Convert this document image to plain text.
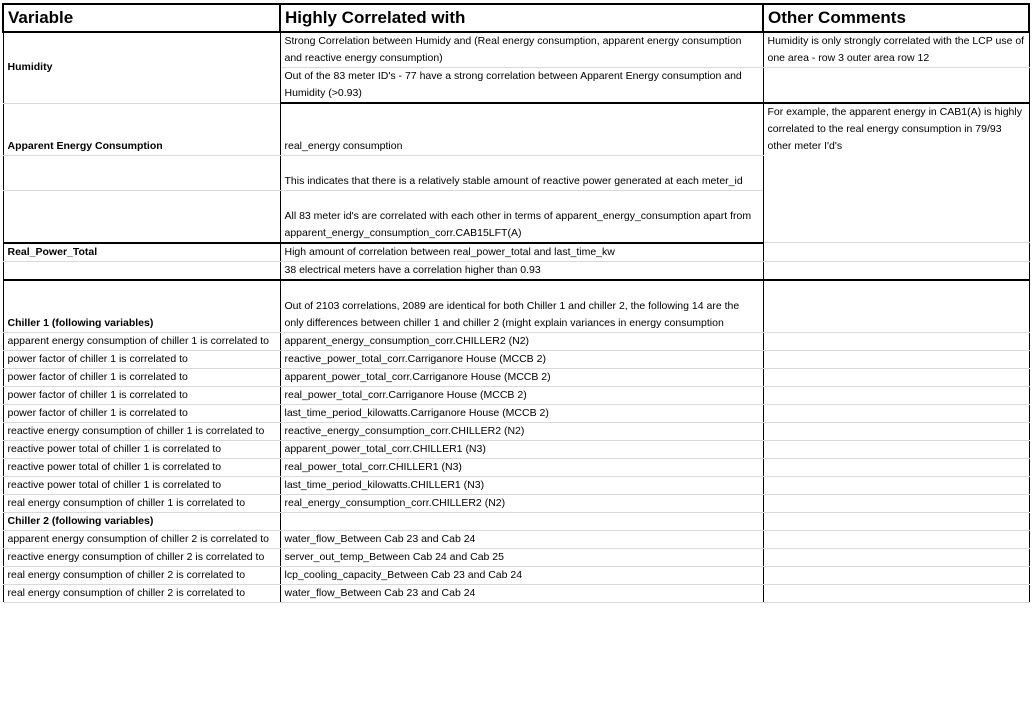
Variable	Highly Correlated with	Other Comments
Humidity	Strong Correlation between Humidy and (Real energy consumption, apparent energy consumption and reactive energy consumption)	Humidity is only strongly correlated with the LCP use of one area - row 3 outer area row 12
	Out of the 83 meter ID's - 77 have a strong correlation between Apparent Energy consumption and Humidity (>0.93)	
Apparent Energy Consumption	real_energy consumption	For example, the apparent energy in CAB1(A) is highly correlated to the real energy consumption in 79/93 other meter I'd's
	This indicates that there is a relatively stable amount of reactive power generated at each meter_id	
	All 83 meter id's are correlated with each other in terms of apparent_energy_consumption apart from apparent_energy_consumption_corr.CAB15LFT(A)	
Real_Power_Total	High amount of correlation between real_power_total and last_time_kw	
	38 electrical meters have a correlation higher than 0.93	
Chiller 1 (following variables)	Out of 2103 correlations, 2089 are identical for both Chiller 1 and chiller 2, the following 14 are the only differences between chiller 1 and chiller 2 (might explain variances in energy consumption	
apparent energy consumption of chiller 1 is correlated to	apparent_energy_consumption_corr.CHILLER2 (N2)	
power factor of chiller 1 is correlated to	reactive_power_total_corr.Carriganore House (MCCB 2)	
power factor of chiller 1 is correlated to	apparent_power_total_corr.Carriganore House (MCCB 2)	
power factor of chiller 1 is correlated to	real_power_total_corr.Carriganore House (MCCB 2)	
power factor of chiller 1 is correlated to	last_time_period_kilowatts.Carriganore House (MCCB 2)	
reactive energy consumption of chiller 1 is correlated to	reactive_energy_consumption_corr.CHILLER2 (N2)	
reactive power total of chiller 1 is correlated to	apparent_power_total_corr.CHILLER1 (N3)	
reactive power total of chiller 1 is correlated to	real_power_total_corr.CHILLER1 (N3)	
reactive power total of chiller 1 is correlated to	last_time_period_kilowatts.CHILLER1 (N3)	
real energy consumption of chiller 1 is correlated to	real_energy_consumption_corr.CHILLER2 (N2)	
Chiller 2 (following variables)		
apparent energy consumption of chiller 2 is correlated to	water_flow_Between Cab 23 and Cab 24	
reactive energy consumption of chiller 2 is correlated to	server_out_temp_Between Cab 24 and Cab 25	
real energy consumption of chiller 2 is correlated to	lcp_cooling_capacity_Between Cab 23 and Cab 24	
real energy consumption of chiller 2 is correlated to	water_flow_Between Cab 23 and Cab 24	
